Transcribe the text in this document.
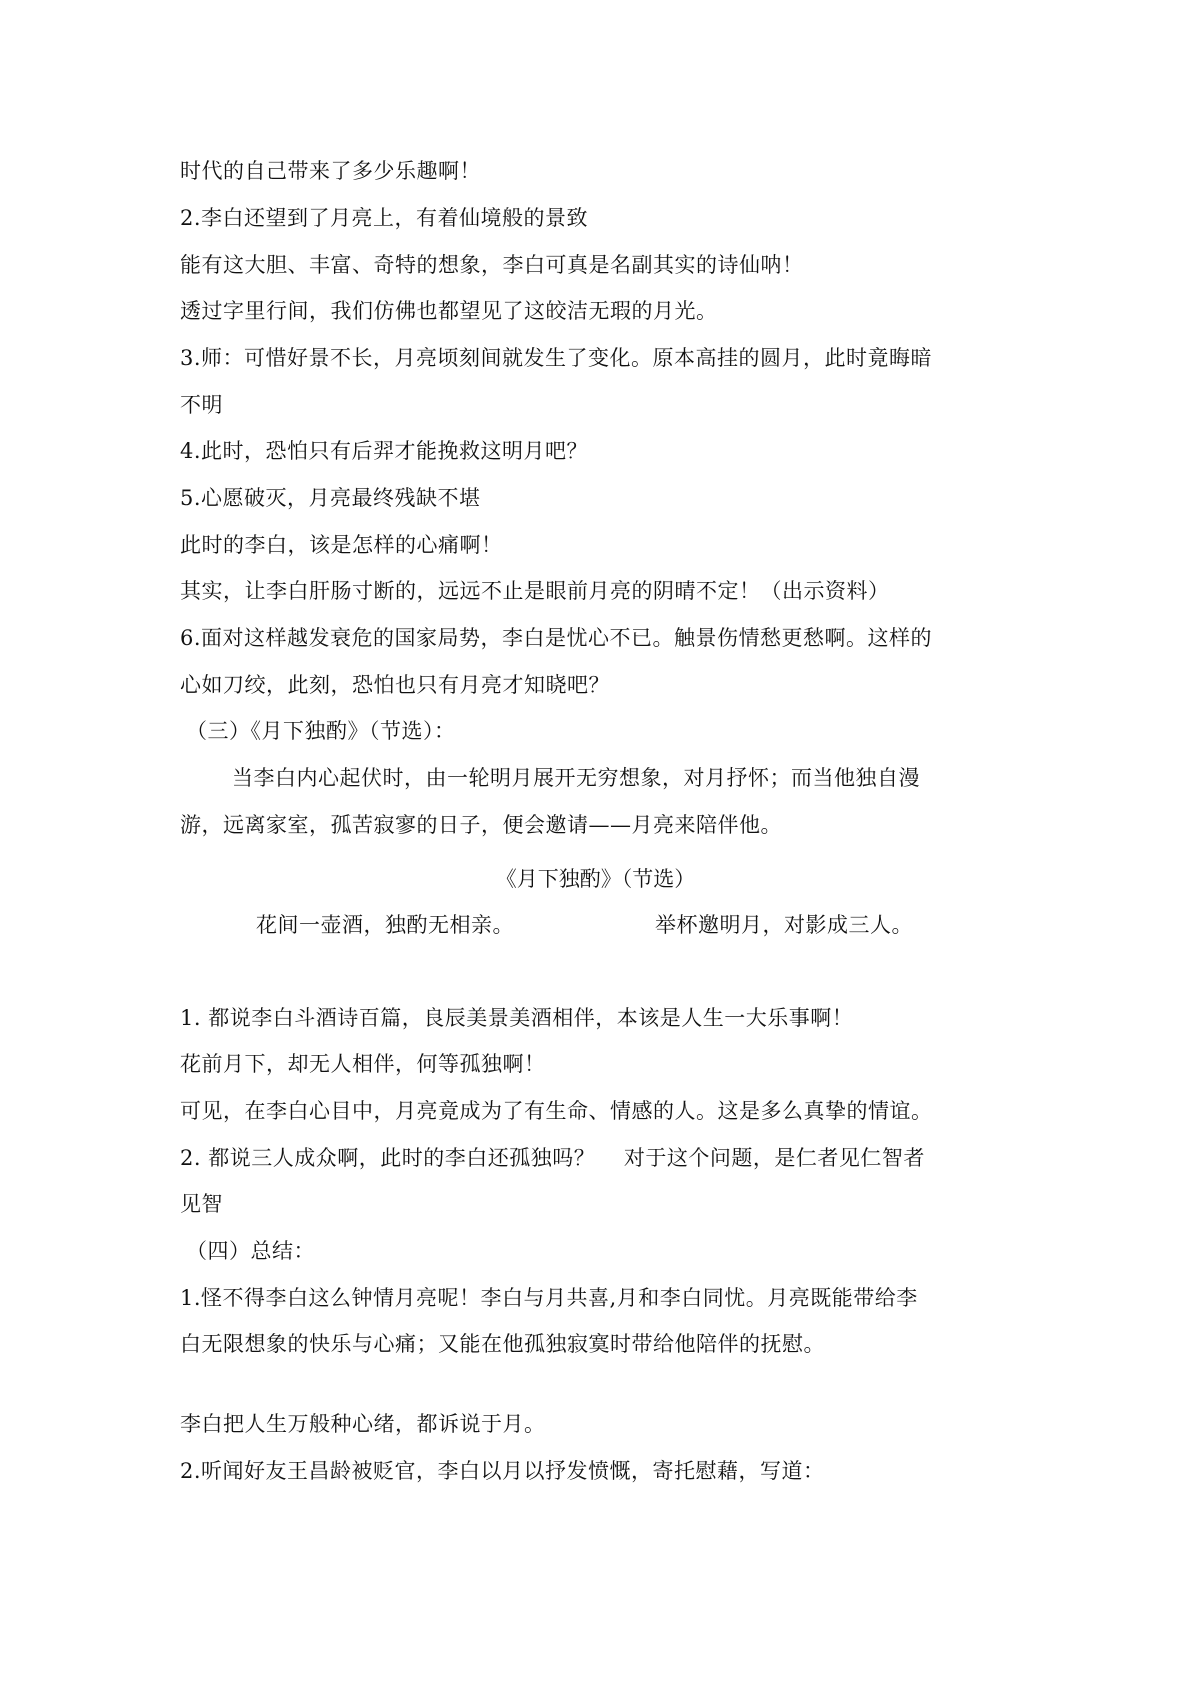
时代的自己带来了多少乐趣啊！
2.李白还望到了月亮上，有着仙境般的景致
能有这大胆、丰富、奇特的想象，李白可真是名副其实的诗仙呐！
透过字里行间，我们仿佛也都望见了这皎洁无瑕的月光。
3.师：可惜好景不长，月亮顷刻间就发生了变化。原本高挂的圆月，此时竟晦暗
不明
4.此时，恐怕只有后羿才能挽救这明月吧？
5.心愿破灭，月亮最终残缺不堪
此时的李白，该是怎样的心痛啊！
其实，让李白肝肠寸断的，远远不止是眼前月亮的阴晴不定！（出示资料）
6.面对这样越发衰危的国家局势，李白是忧心不已。触景伤情愁更愁啊。这样的
心如刀绞，此刻，恐怕也只有月亮才知晓吧？
（三）《月下独酌》（节选）：
当李白内心起伏时，由一轮明月展开无穷想象，对月抒怀；而当他独自漫
游，远离家室，孤苦寂寥的日子，便会邀请——月亮来陪伴他。
《月下独酌》（节选）
花间一壶酒，独酌无相亲。	举杯邀明月，对影成三人。
1. 都说李白斗酒诗百篇，良辰美景美酒相伴，本该是人生一大乐事啊！
花前月下，却无人相伴，何等孤独啊！
可见，在李白心目中，月亮竟成为了有生命、情感的人。这是多么真挚的情谊。
2. 都说三人成众啊，此时的李白还孤独吗？　 对于这个问题，是仁者见仁智者
见智
（四）总结：
1.怪不得李白这么钟情月亮呢！李白与月共喜,月和李白同忧。月亮既能带给李
白无限想象的快乐与心痛；又能在他孤独寂寞时带给他陪伴的抚慰。
李白把人生万般种心绪，都诉说于月。
2.听闻好友王昌龄被贬官，李白以月以抒发愤慨，寄托慰藉，写道：
